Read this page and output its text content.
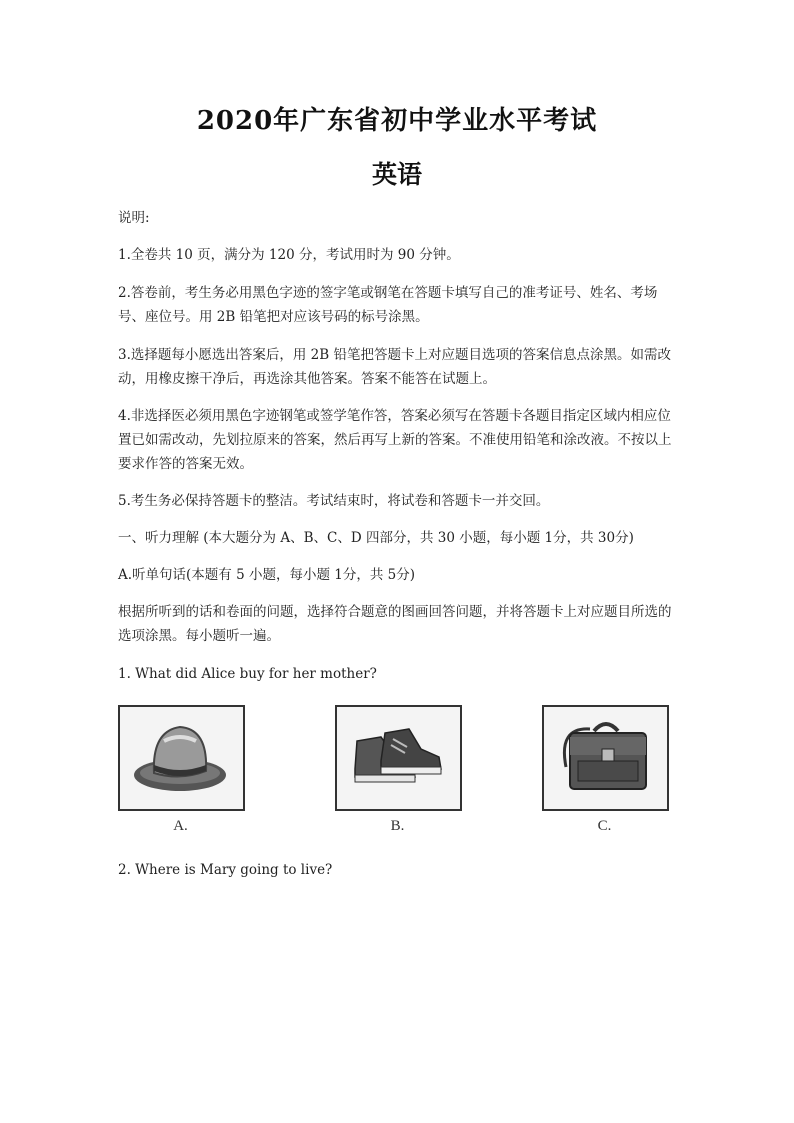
2020年广东省初中学业水平考试
英语

说明:

1.全卷共 10 页，满分为 120 分，考试用时为 90 分钟。

2.答卷前，考生务必用黑色字迹的签字笔或钢笔在答题卡填写自己的准考证号、姓名、考场号、座位号。用 2B 铅笔把对应该号码的标号涂黑。

3.选择题每小愿选出答案后，用 2B 铅笔把答题卡上对应题目选项的答案信息点涂黑。如需改动，用橡皮擦干净后，再选涂其他答案。答案不能答在试题上。

4.非选择医必须用黑色字迹钢笔或签学笔作答，答案必须写在答题卡各题目指定区域内相应位置已如需改动，先划拉原来的答案，然后再写上新的答案。不准使用铅笔和涂改液。不按以上要求作答的答案无效。

5.考生务必保持答题卡的整洁。考试结束时，将试卷和答题卡一并交回。

一、听力理解 (本大题分为 A、B、C、D 四部分，共 30 小题，每小题 1分，共 30分)

A.听单句话(本题有 5 小题，每小题 1分，共 5分)

根据所听到的话和卷面的问题，选择符合题意的图画回答问题，并将答题卡上对应题目所选的选项涂黑。每小题听一遍。

1. What did Alice buy for her mother?

A.	B.	C.

2. Where is Mary going to live?
